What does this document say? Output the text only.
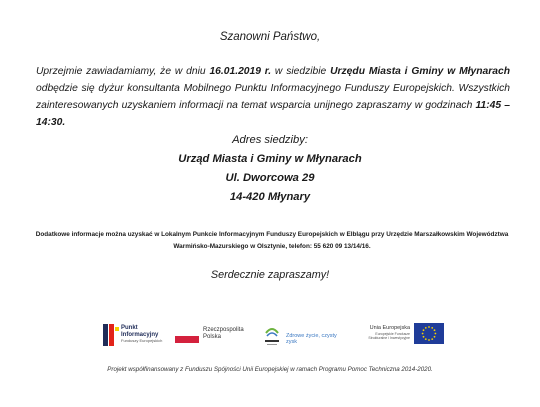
Szanowni Państwo,
Uprzejmie zawiadamiamy, że w dniu 16.01.2019 r. w siedzibie Urzędu Miasta i Gminy w Młynarach odbędzie się dyżur konsultanta Mobilnego Punktu Informacyjnego Funduszy Europejskich. Wszystkich zainteresowanych uzyskaniem informacji na temat wsparcia unijnego zapraszamy w godzinach 11:45 – 14:30.
Adres siedziby:
Urząd Miasta i Gminy w Młynarach
Ul. Dworcowa 29
14-420 Młynary
Dodatkowe informacje można uzyskać w Lokalnym Punkcie Informacyjnym Funduszy Europejskich w Elblągu przy Urzędzie Marszałkowskim Województwa Warmińsko-Mazurskiego w Olsztynie, telefon: 55 620 09 13/14/16.
Serdecznie zapraszamy!
Punkt
Informacyjny
Funduszy Europejskich
Rzeczpospolita
Polska	Zdrowe życie, czysty zysk
Unia Europejska
Europejskie Fundusze
Strukturalne i Inwestycyjne
Projekt współfinansowany z Funduszu Spójności Unii Europejskiej w ramach Programu Pomoc Techniczna 2014-2020.
